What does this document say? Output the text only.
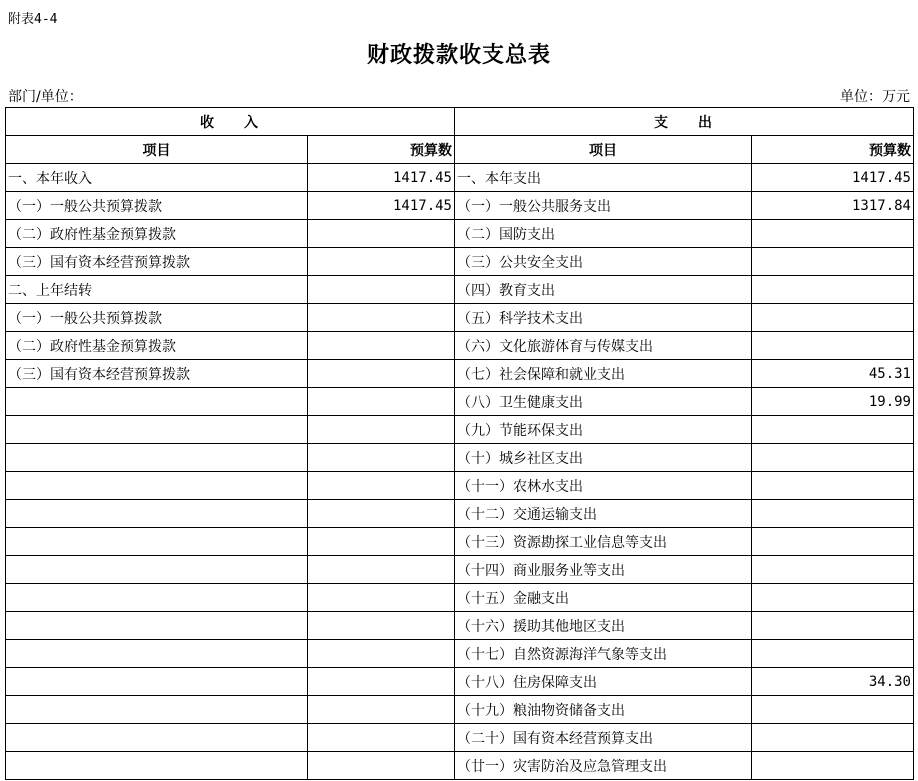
附表4-4
财政拨款收支总表
部门/单位：	单位：万元
收入		支出	
项目	预算数	项目	预算数
一、本年收入	1417.45	一、本年支出	1417.45
（一）一般公共预算拨款	1417.45	（一）一般公共服务支出	1317.84
（二）政府性基金预算拨款		（二）国防支出	
（三）国有资本经营预算拨款		（三）公共安全支出	
二、上年结转		（四）教育支出	
（一）一般公共预算拨款		（五）科学技术支出	
（二）政府性基金预算拨款		（六）文化旅游体育与传媒支出	
（三）国有资本经营预算拨款		（七）社会保障和就业支出	45.31
		（八）卫生健康支出	19.99
		（九）节能环保支出	
		（十）城乡社区支出	
		（十一）农林水支出	
		（十二）交通运输支出	
		（十三）资源勘探工业信息等支出	
		（十四）商业服务业等支出	
		（十五）金融支出	
		（十六）援助其他地区支出	
		（十七）自然资源海洋气象等支出	
		（十八）住房保障支出	34.30
		（十九）粮油物资储备支出	
		（二十）国有资本经营预算支出	
		（廿一）灾害防治及应急管理支出	
